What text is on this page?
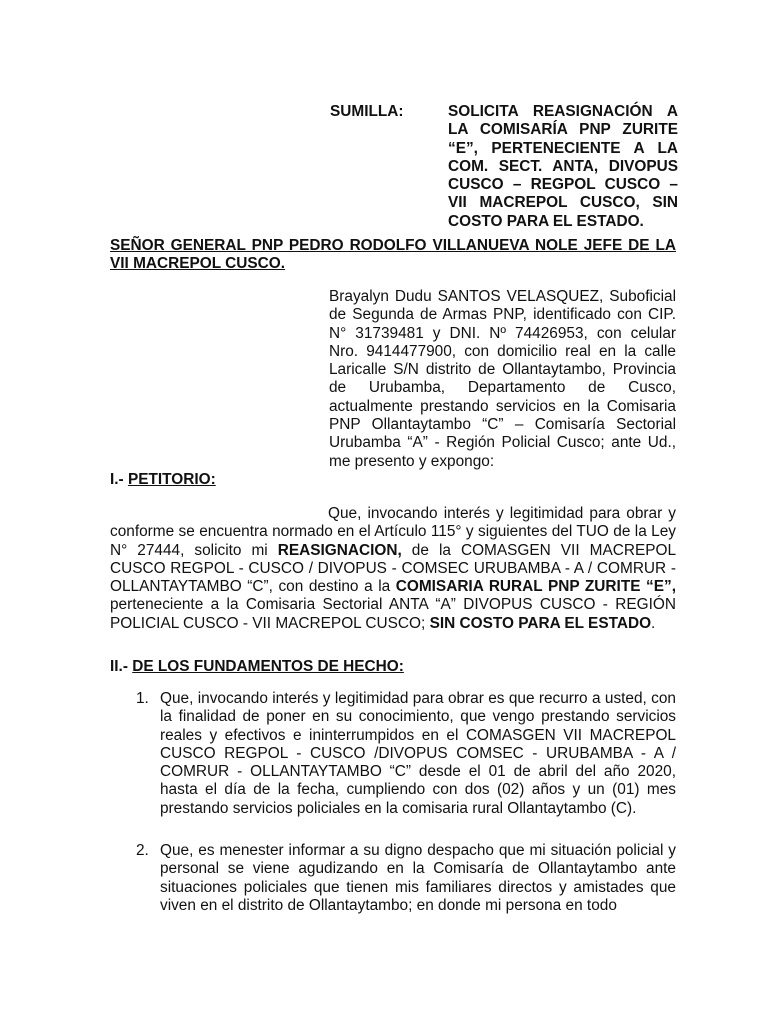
SUMILLA:	SOLICITA REASIGNACIÓN A LA COMISARÍA PNP ZURITE “E”, PERTENECIENTE A LA COM. SECT. ANTA, DIVOPUS CUSCO – REGPOL CUSCO – VII MACREPOL CUSCO, SIN COSTO PARA EL ESTADO.
SEÑOR GENERAL PNP PEDRO RODOLFO VILLANUEVA NOLE JEFE DE LA VII MACREPOL CUSCO.
Brayalyn Dudu SANTOS VELASQUEZ, Suboficial de Segunda de Armas PNP, identificado con CIP. N° 31739481 y DNI. Nº 74426953, con celular Nro. 9414477900, con domicilio real en la calle Laricalle S/N distrito de Ollantaytambo, Provincia de Urubamba, Departamento de Cusco, actualmente prestando servicios en la Comisaria PNP Ollantaytambo “C” – Comisaría Sectorial Urubamba “A” - Región Policial Cusco; ante Ud., me presento y expongo:
I.- PETITORIO:
Que, invocando interés y legitimidad para obrar y conforme se encuentra normado en el Artículo 115° y siguientes del TUO de la Ley N° 27444, solicito mi REASIGNACION, de la COMASGEN VII MACREPOL CUSCO REGPOL - CUSCO / DIVOPUS - COMSEC URUBAMBA - A / COMRUR - OLLANTAYTAMBO “C”, con destino a la COMISARIA RURAL PNP ZURITE “E”, perteneciente a la Comisaria Sectorial ANTA “A” DIVOPUS CUSCO - REGIÓN POLICIAL CUSCO - VII MACREPOL CUSCO; SIN COSTO PARA EL ESTADO.
II.- DE LOS FUNDAMENTOS DE HECHO:
1. Que, invocando interés y legitimidad para obrar es que recurro a usted, con la finalidad de poner en su conocimiento, que vengo prestando servicios reales y efectivos e ininterrumpidos en el COMASGEN VII MACREPOL CUSCO REGPOL - CUSCO /DIVOPUS COMSEC - URUBAMBA - A / COMRUR - OLLANTAYTAMBO “C” desde el 01 de abril del año 2020, hasta el día de la fecha, cumpliendo con dos (02) años y un (01) mes prestando servicios policiales en la comisaria rural Ollantaytambo (C).
2. Que, es menester informar a su digno despacho que mi situación policial y personal se viene agudizando en la Comisaría de Ollantaytambo ante situaciones policiales que tienen mis familiares directos y amistades que viven en el distrito de Ollantaytambo; en donde mi persona en todo
